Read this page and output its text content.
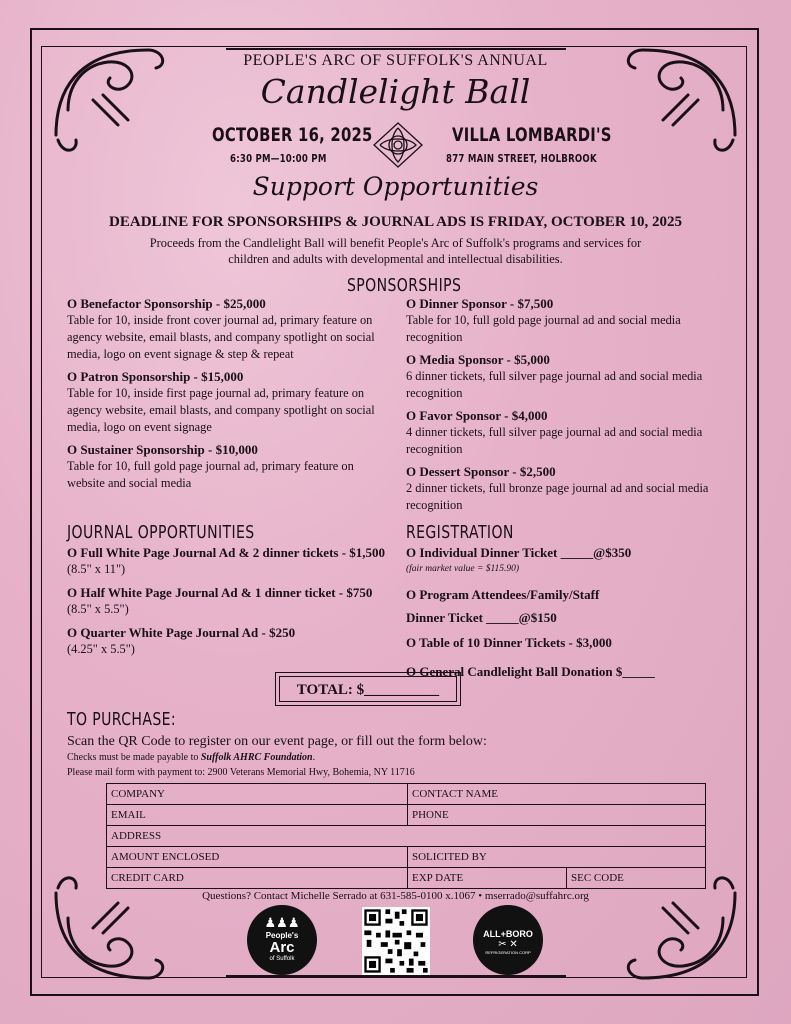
PEOPLE'S ARC OF SUFFOLK'S ANNUAL
Candlelight Ball
OCTOBER 16, 2025
6:30 PM—10:00 PM
VILLA LOMBARDI'S
877 MAIN STREET, HOLBROOK
Support Opportunities
DEADLINE FOR SPONSORSHIPS & JOURNAL ADS IS FRIDAY, OCTOBER 10, 2025
Proceeds from the Candlelight Ball will benefit People's Arc of Suffolk's programs and services for
children and adults with developmental and intellectual disabilities.
SPONSORSHIPS
O Benefactor Sponsorship - $25,000
Table for 10, inside front cover journal ad, primary feature on agency website, email blasts, and company spotlight on social media, logo on event signage & step & repeat
O Patron Sponsorship - $15,000
Table for 10, inside first page journal ad, primary feature on agency website, email blasts, and company spotlight on social media, logo on event signage
O Sustainer Sponsorship - $10,000
Table for 10, full gold page journal ad, primary feature on website and social media
O Dinner Sponsor - $7,500
Table for 10, full gold page journal ad and social media recognition
O Media Sponsor - $5,000
6 dinner tickets, full silver page journal ad and social media recognition
O Favor Sponsor - $4,000
4 dinner tickets, full silver page journal ad and social media recognition
O Dessert Sponsor - $2,500
2 dinner tickets, full bronze page journal ad and social media recognition
JOURNAL OPPORTUNITIES
O Full White Page Journal Ad & 2 dinner tickets - $1,500
(8.5" x 11")
O Half White Page Journal Ad & 1 dinner ticket - $750
(8.5" x 5.5")
O Quarter White Page Journal Ad - $250
(4.25" x 5.5")
REGISTRATION
O Individual Dinner Ticket _____@$350
(fair market value = $115.90)
O Program Attendees/Family/Staff
Dinner Ticket _____@$150
O Table of 10 Dinner Tickets - $3,000
O General Candlelight Ball Donation $_____
TOTAL: $__________
TO PURCHASE:
Scan the QR Code to register on our event page, or fill out the form below:
Checks must be made payable to Suffolk AHRC Foundation.
Please mail form with payment to: 2900 Veterans Memorial Hwy, Bohemia, NY 11716
COMPANY	CONTACT NAME	
EMAIL	PHONE	
ADDRESS		
AMOUNT ENCLOSED	SOLICITED BY	
CREDIT CARD	EXP DATE	SEC CODE
Questions? Contact Michelle Serrado at 631-585-0100 x.1067 • mserrado@suffahrc.org
♟♟♟
People's
Arc
of Suffolk
ALL+BORO
✂ ✕
REFRIGERATION CORP
